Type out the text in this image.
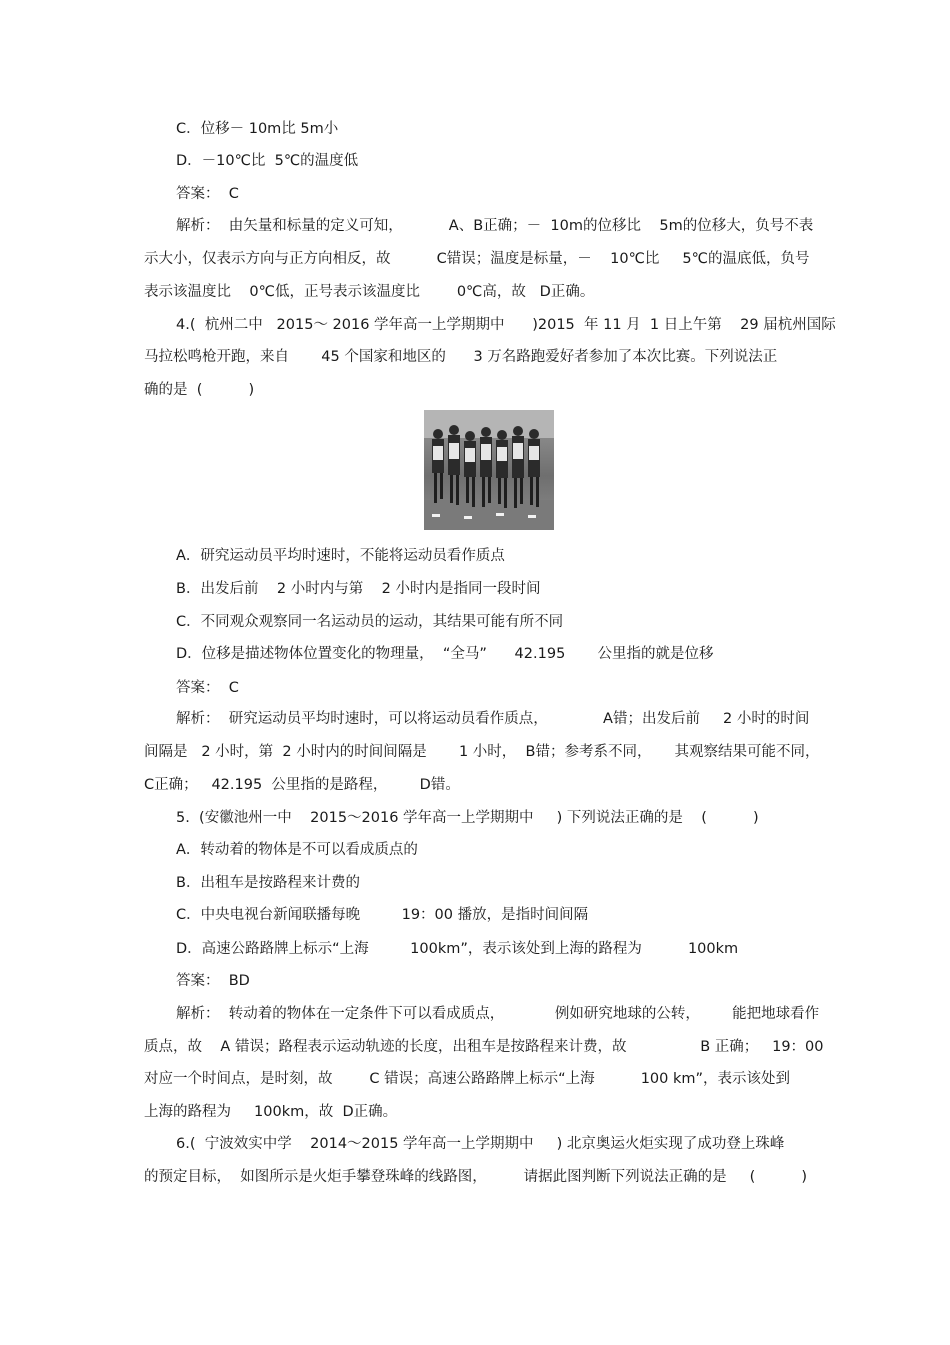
C．位移－ 10m比 5m小
D．－10℃比  5℃的温度低
答案：  C
解析：  由矢量和标量的定义可知，          A、B正确；－  10m的位移比    5m的位移大，负号不表
示大小，仅表示方向与正方向相反，故          C错误；温度是标量，－    10℃比     5℃的温底低，负号
表示该温度比    0℃低，正号表示该温度比        0℃高，故   D正确。
4.(  杭州二中   2015～ 2016 学年高一上学期期中      )2015  年 11 月  1 日上午第    29 届杭州国际
马拉松鸣枪开跑，来自       45 个国家和地区的      3 万名路跑爱好者参加了本次比赛。下列说法正
确的是  (          )
A．研究运动员平均时速时，不能将运动员看作质点
B．出发后前    2 小时内与第    2 小时内是指同一段时间
C．不同观众观察同一名运动员的运动，其结果可能有所不同
D．位移是描述物体位置变化的物理量，  “全马”      42.195       公里指的就是位移
答案：  C
解析：  研究运动员平均时速时，可以将运动员看作质点，            A错；出发后前     2 小时的时间
间隔是   2 小时，第  2 小时内的时间间隔是       1 小时，  B错；参考系不同，     其观察结果可能不同，
C正确；   42.195  公里指的是路程，       D错。
5.  (安徽池州一中    2015～2016 学年高一上学期期中     ) 下列说法正确的是    (          )
A．转动着的物体是不可以看成质点的
B．出租车是按路程来计费的
C．中央电视台新闻联播每晚         19：00 播放，是指时间间隔
D．高速公路路牌上标示“上海         100km”，表示该处到上海的路程为          100km
答案：  BD
解析：  转动着的物体在一定条件下可以看成质点，           例如研究地球的公转，       能把地球看作
质点，故    A 错误；路程表示运动轨迹的长度，出租车是按路程来计费，故                B 正确；   19：00
对应一个时间点，是时刻，故        C 错误；高速公路路牌上标示“上海          100 km”，表示该处到
上海的路程为     100km，故  D正确。
6.(  宁波效实中学    2014～2015 学年高一上学期期中     ) 北京奥运火炬实现了成功登上珠峰
的预定目标，  如图所示是火炬手攀登珠峰的线路图，        请据此图判断下列说法正确的是     (          )
